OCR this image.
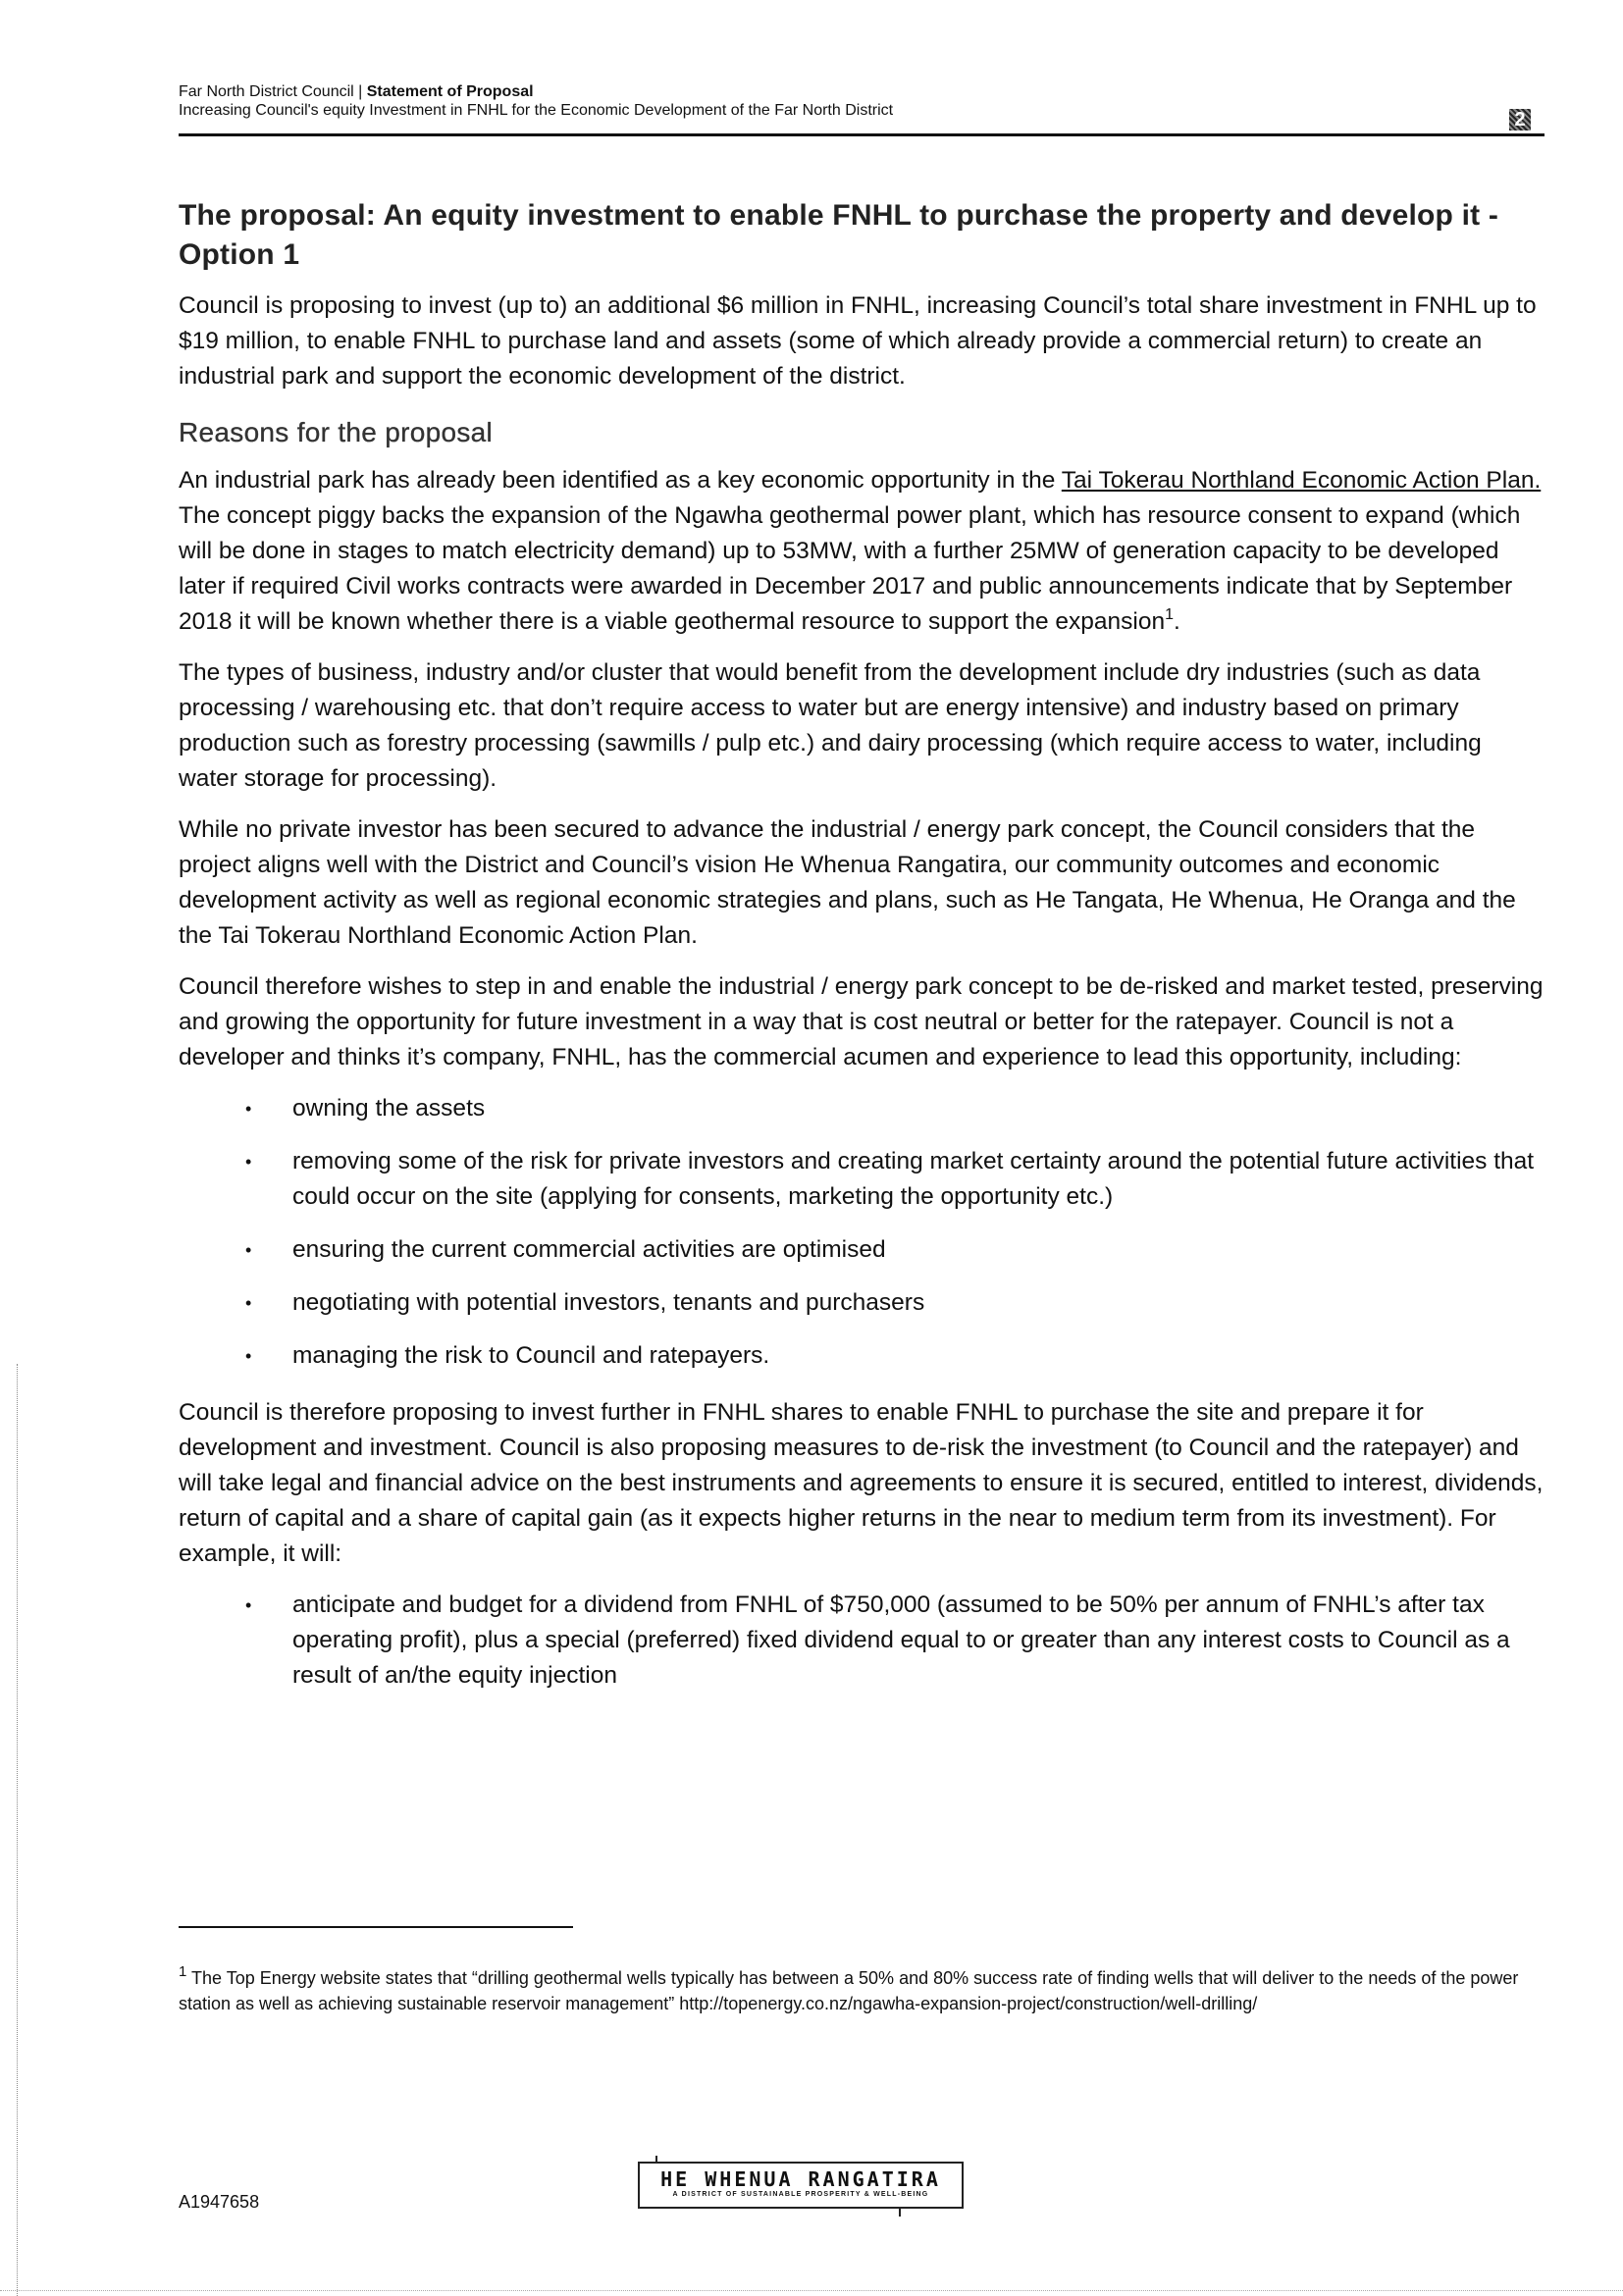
Far North District Council | Statement of Proposal
Increasing Council's equity Investment in FNHL for the Economic Development of the Far North District	2
The proposal: An equity investment to enable FNHL to purchase the property and develop it - Option 1

Council is proposing to invest (up to) an additional $6 million in FNHL, increasing Council’s total share investment in FNHL up to $19 million, to enable FNHL to purchase land and assets (some of which already provide a commercial return) to create an industrial park and support the economic development of the district.

Reasons for the proposal

An industrial park has already been identified as a key economic opportunity in the Tai Tokerau Northland Economic Action Plan. The concept piggy backs the expansion of the Ngawha geothermal power plant, which has resource consent to expand (which will be done in stages to match electricity demand) up to 53MW, with a further 25MW of generation capacity to be developed later if required Civil works contracts were awarded in December 2017 and public announcements indicate that by September 2018 it will be known whether there is a viable geothermal resource to support the expansion$^1$.

The types of business, industry and/or cluster that would benefit from the development include dry industries (such as data processing / warehousing etc. that don’t require access to water but are energy intensive) and industry based on primary production such as forestry processing (sawmills / pulp etc.) and dairy processing (which require access to water, including water storage for processing).

While no private investor has been secured to advance the industrial / energy park concept, the Council considers that the project aligns well with the District and Council’s vision He Whenua Rangatira, our community outcomes and economic development activity as well as regional economic strategies and plans, such as He Tangata, He Whenua, He Oranga and the the Tai Tokerau Northland Economic Action Plan.

Council therefore wishes to step in and enable the industrial / energy park concept to be de-risked and market tested, preserving and growing the opportunity for future investment in a way that is cost neutral or better for the ratepayer. Council is not a developer and thinks it’s company, FNHL, has the commercial acumen and experience to lead this opportunity, including:

• owning the assets
• removing some of the risk for private investors and creating market certainty around the potential future activities that could occur on the site (applying for consents, marketing the opportunity etc.)
• ensuring the current commercial activities are optimised
• negotiating with potential investors, tenants and purchasers
• managing the risk to Council and ratepayers.

Council is therefore proposing to invest further in FNHL shares to enable FNHL to purchase the site and prepare it for development and investment. Council is also proposing measures to de-risk the investment (to Council and the ratepayer) and will take legal and financial advice on the best instruments and agreements to ensure it is secured, entitled to interest, dividends, return of capital and a share of capital gain (as it expects higher returns in the near to medium term from its investment). For example, it will:

• anticipate and budget for a dividend from FNHL of $750,000 (assumed to be 50% per annum of FNHL’s after tax operating profit), plus a special (preferred) fixed dividend equal to or greater than any interest costs to Council as a result of an/the equity injection
$^1$ The Top Energy website states that “drilling geothermal wells typically has between a 50% and 80% success rate of finding wells that will deliver to the needs of the power station as well as achieving sustainable reservoir management” http://topenergy.co.nz/ngawha-expansion-project/construction/well-drilling/
A1947658
HE WHENUA RANGATIRA
A DISTRICT OF SUSTAINABLE PROSPERITY & WELL-BEING
